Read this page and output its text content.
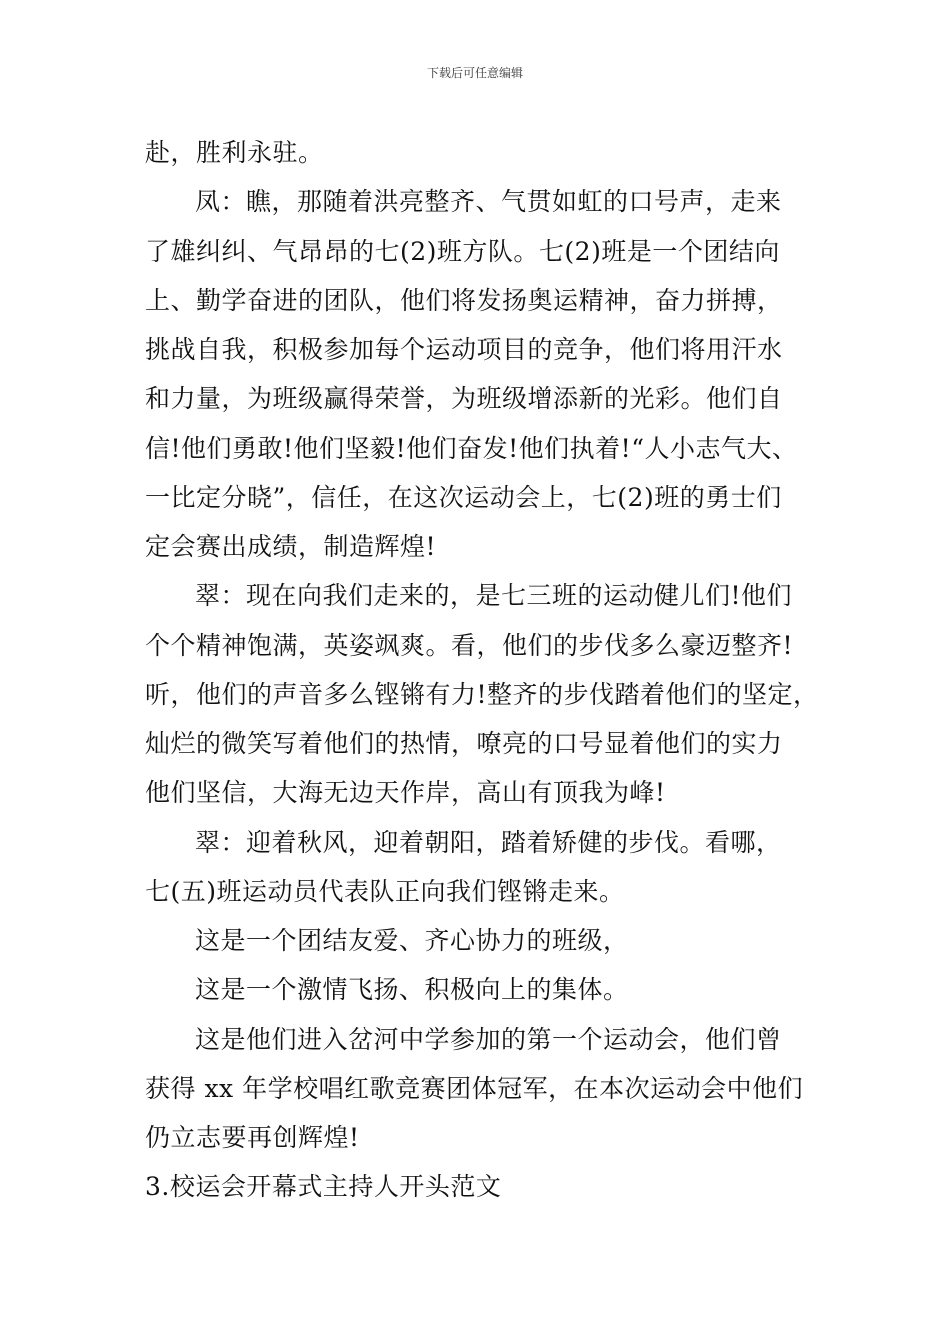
下载后可任意编辑
赴，胜利永驻。
凤：瞧，那随着洪亮整齐、气贯如虹的口号声，走来
了雄纠纠、气昂昂的七(2)班方队。七(2)班是一个团结向
上、勤学奋进的团队，他们将发扬奥运精神，奋力拼搏，
挑战自我，积极参加每个运动项目的竞争，他们将用汗水
和力量，为班级赢得荣誉，为班级增添新的光彩。他们自
信!他们勇敢!他们坚毅!他们奋发!他们执着!“人小志气大、
一比定分晓”，信任，在这次运动会上，七(2)班的勇士们
定会赛出成绩，制造辉煌!
翠：现在向我们走来的，是七三班的运动健儿们!他们
个个精神饱满，英姿飒爽。看，他们的步伐多么豪迈整齐!
听，他们的声音多么铿锵有力!整齐的步伐踏着他们的坚定，
灿烂的微笑写着他们的热情，嘹亮的口号显着他们的实力
他们坚信，大海无边天作岸，高山有顶我为峰!
翠：迎着秋风，迎着朝阳，踏着矫健的步伐。看哪，
七(五)班运动员代表队正向我们铿锵走来。
这是一个团结友爱、齐心协力的班级，
这是一个激情飞扬、积极向上的集体。
这是他们进入岔河中学参加的第一个运动会，他们曾
获得 xx 年学校唱红歌竞赛团体冠军，在本次运动会中他们
仍立志要再创辉煌!
3.校运会开幕式主持人开头范文
